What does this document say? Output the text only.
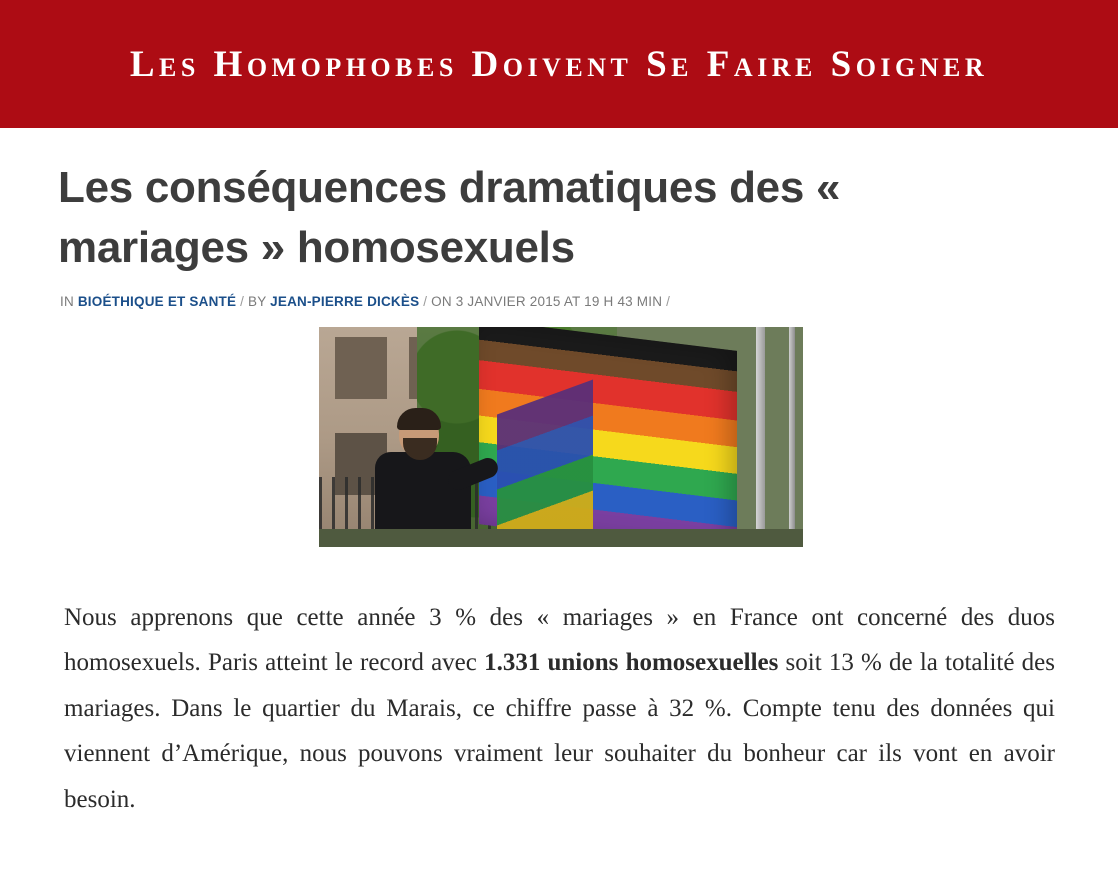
Les Homophobes Doivent Se Faire Soigner
Les conséquences dramatiques des « mariages » homosexuels
IN BIOÉTHIQUE ET SANTÉ / BY JEAN-PIERRE DICKÈS / ON 3 JANVIER 2015 AT 19 H 43 MIN /

Nous apprenons que cette année 3 % des « mariages » en France ont concerné des duos homosexuels. Paris atteint le record avec 1.331 unions homosexuelles soit 13 % de la totalité des mariages. Dans le quartier du Marais, ce chiffre passe à 32 %. Compte tenu des données qui viennent d’Amérique, nous pouvons vraiment leur souhaiter du bonheur car ils vont en avoir besoin.
